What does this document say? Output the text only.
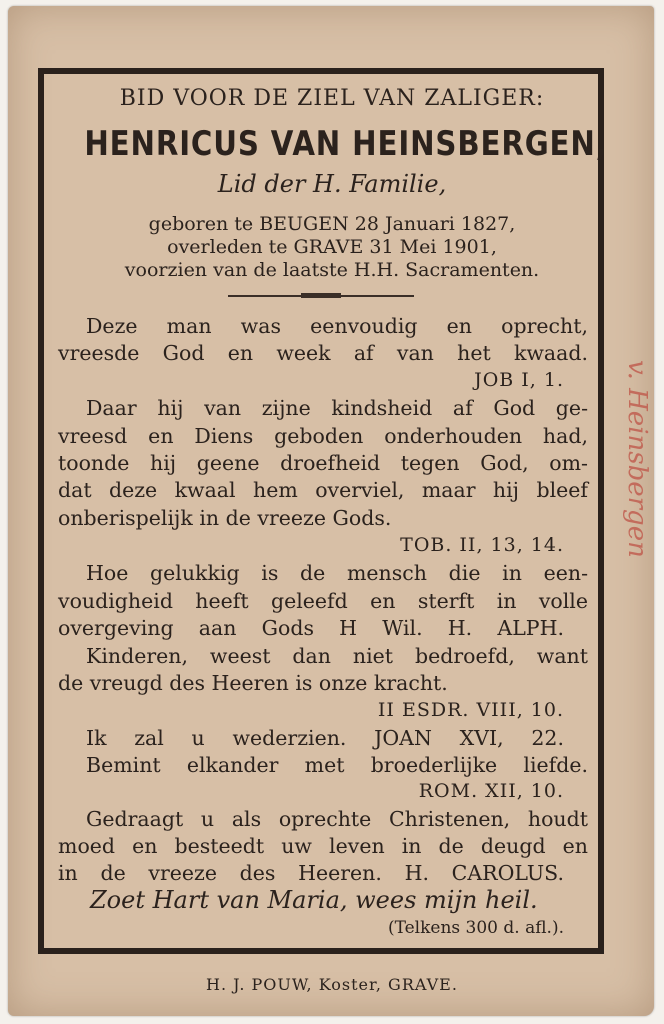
BID VOOR DE ZIEL VAN ZALIGER:
HENRICUS VAN HEINSBERGEN,
Lid der H. Familie,
geboren te BEUGEN 28 Januari 1827,
overleden te GRAVE 31 Mei 1901,
voorzien van de laatste H.H. Sacramenten.
Deze man was eenvoudig en oprecht,
vreesde God en week af van het kwaad.
JOB I, 1.
Daar hij van zijne kindsheid af God ge-
vreesd en Diens geboden onderhouden had,
toonde hij geene droefheid tegen God, om-
dat deze kwaal hem overviel, maar hij bleef
onberispelijk in de vreeze Gods.
TOB. II, 13, 14.
Hoe gelukkig is de mensch die in een-
voudigheid heeft geleefd en sterft in volle
overgeving aan Gods H Wil. H. ALPH.
Kinderen, weest dan niet bedroefd, want
de vreugd des Heeren is onze kracht.
II ESDR. VIII, 10.
Ik zal u wederzien. JOAN XVI, 22.
Bemint elkander met broederlijke liefde.
ROM. XII, 10.
Gedraagt u als oprechte Christenen, houdt
moed en besteedt uw leven in de deugd en
in de vreeze des Heeren. H. CAROLUS.
Zoet Hart van Maria, wees mijn heil.
(Telkens 300 d. afl.).
H. J. POUW, Koster, GRAVE.
v. Heinsbergen
